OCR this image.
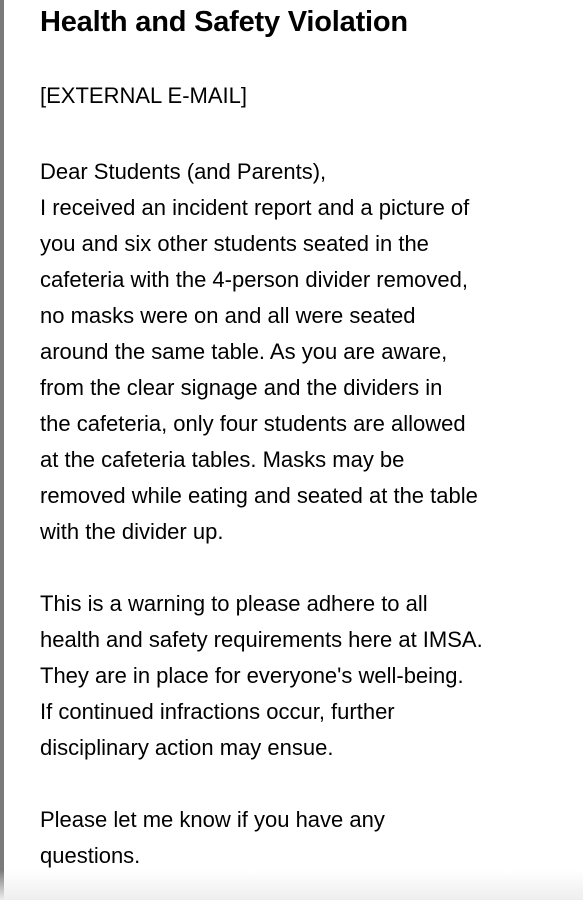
Health and Safety Violation
[EXTERNAL E-MAIL]
Dear Students (and Parents),
I received an incident report and a picture of
you and six other students seated in the
cafeteria with the 4-person divider removed,
no masks were on and all were seated
around the same table. As you are aware,
from the clear signage and the dividers in
the cafeteria, only four students are allowed
at the cafeteria tables. Masks may be
removed while eating and seated at the table
with the divider up.
This is a warning to please adhere to all
health and safety requirements here at IMSA.
They are in place for everyone's well-being.
If continued infractions occur, further
disciplinary action may ensue.
Please let me know if you have any
questions.
